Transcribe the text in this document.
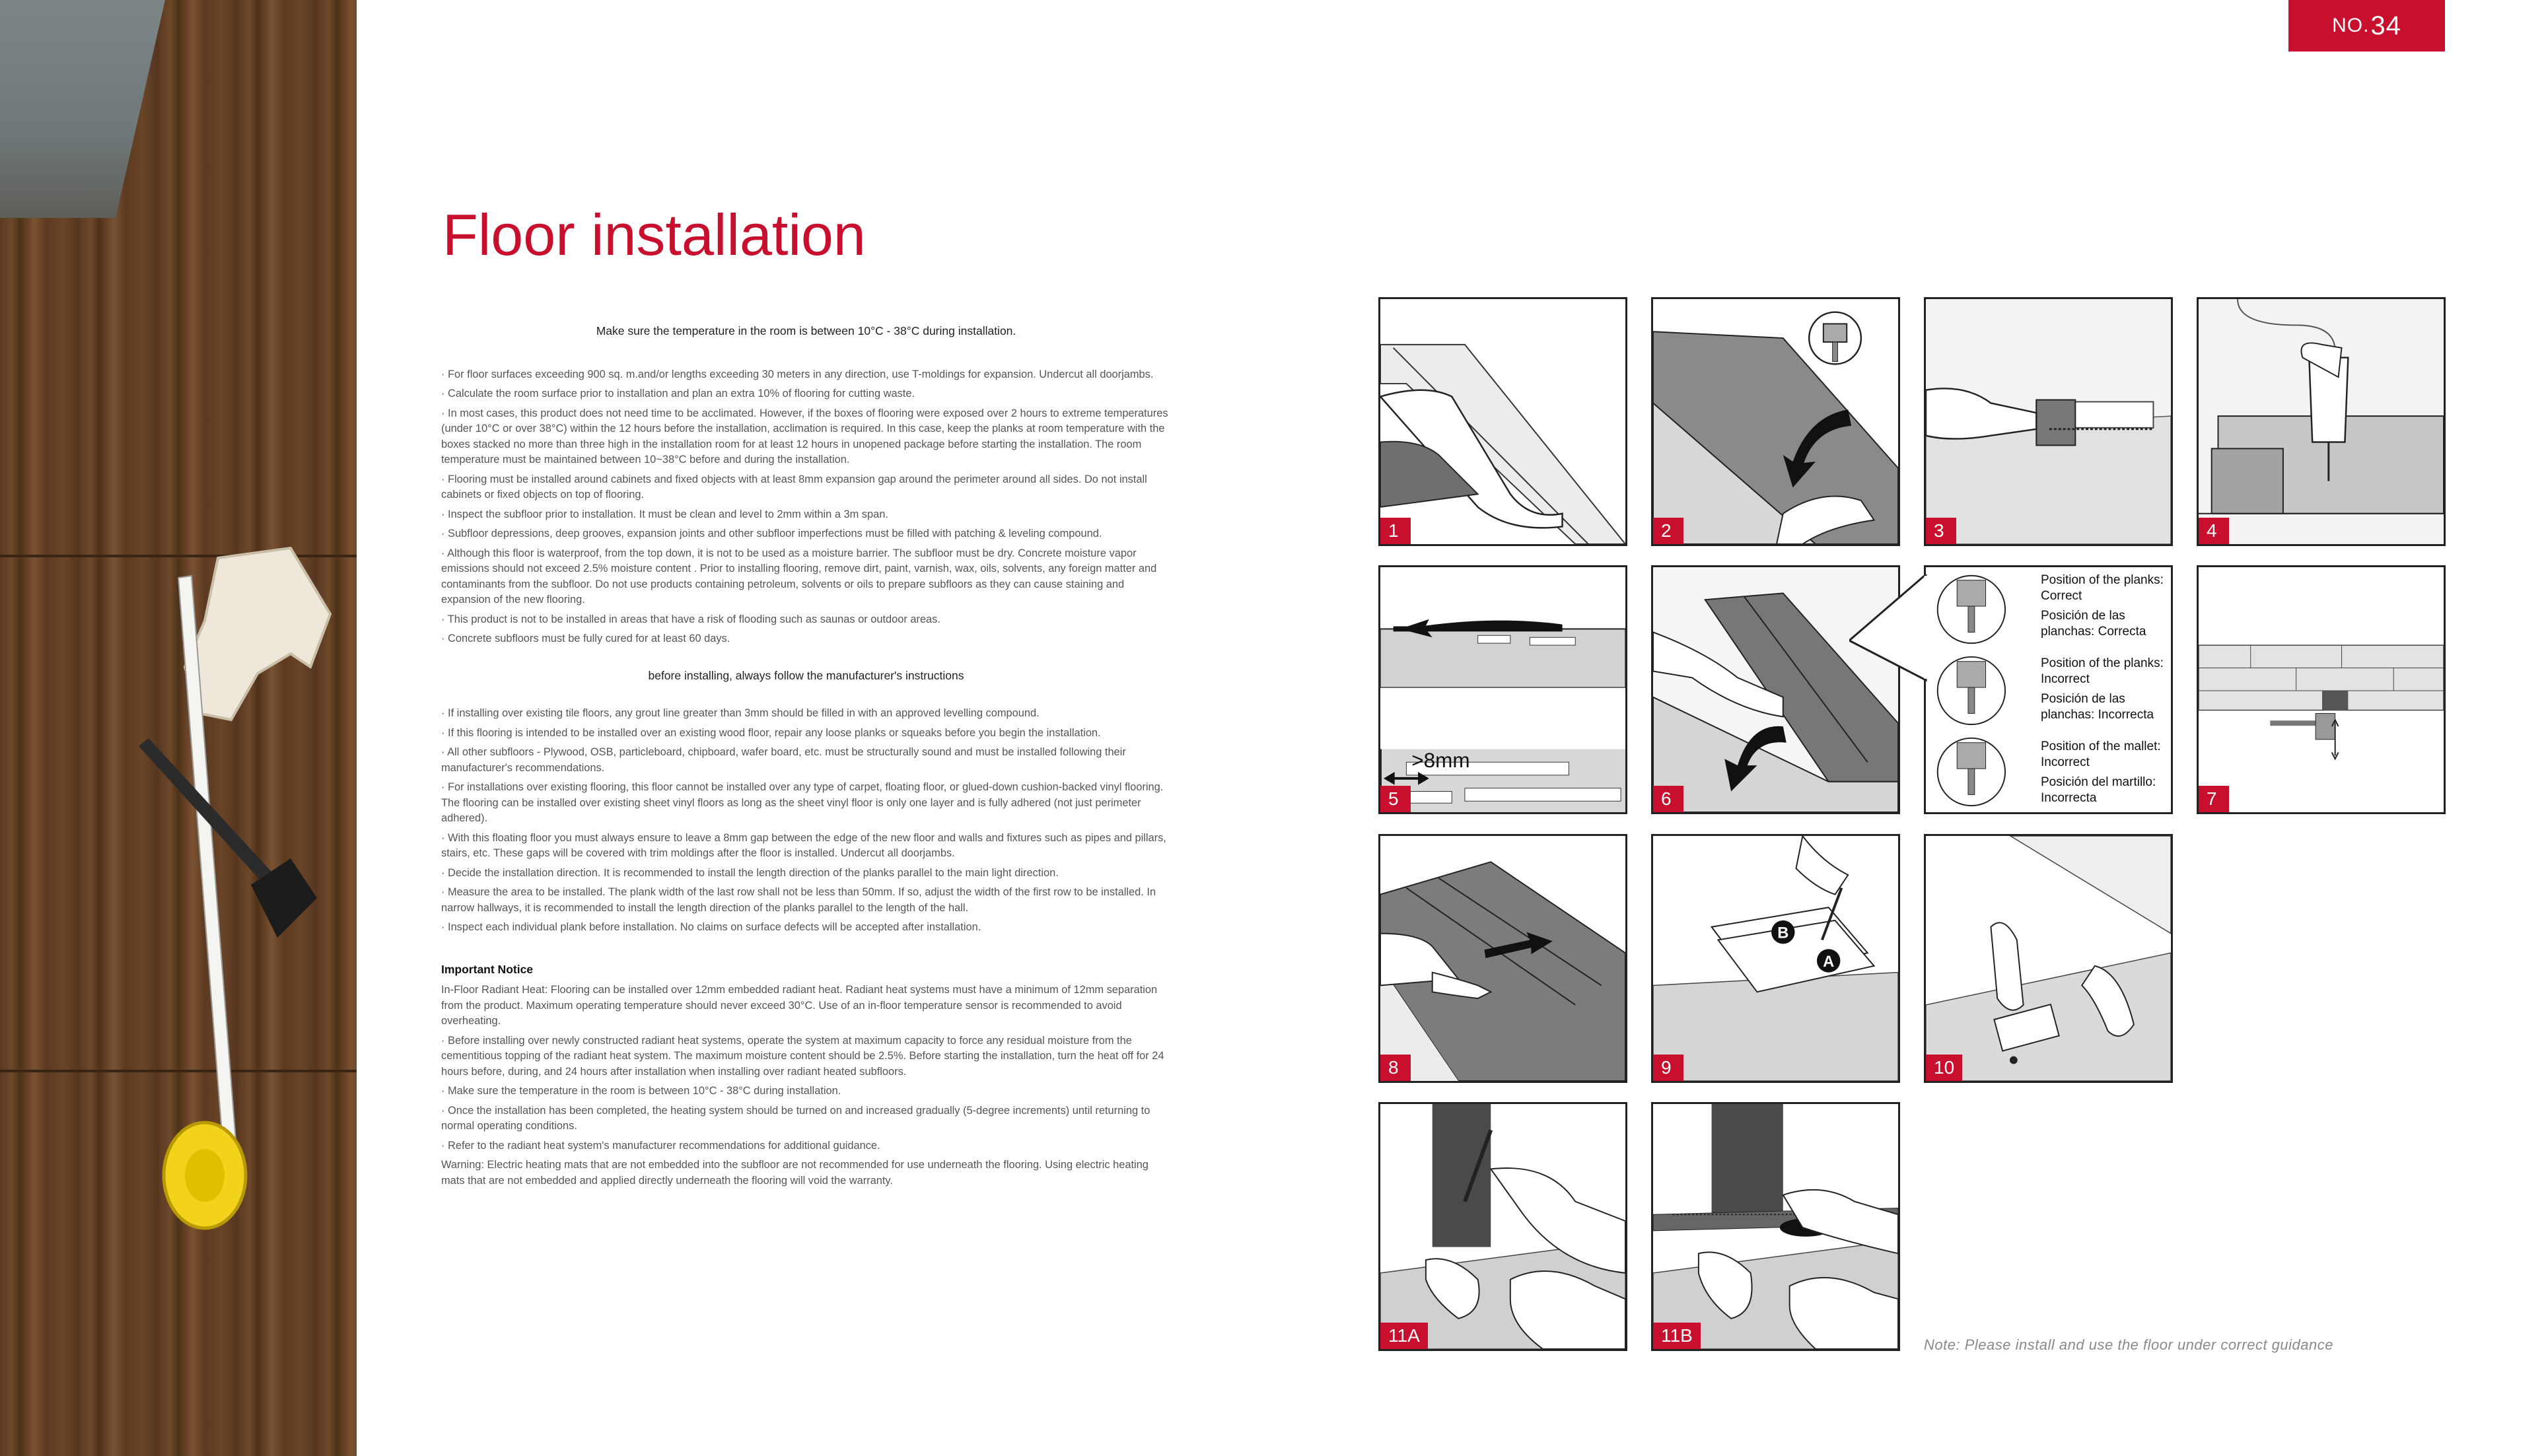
NO. 34
Floor installation

Make sure the temperature in the room is between 10°C - 38°C during installation.

· For floor surfaces exceeding 900 sq. m.and/or lengths exceeding 30 meters in any direction, use T-moldings for expansion. Undercut all doorjambs.

· Calculate the room surface prior to installation and plan an extra 10% of flooring for cutting waste.

· In most cases, this product does not need time to be acclimated. However, if the boxes of flooring were exposed over 2 hours to extreme temperatures (under 10°C or over 38°C) within the 12 hours before the installation, acclimation is required. In this case, keep the planks at room temperature with the boxes stacked no more than three high in the installation room for at least 12 hours in unopened package before starting the installation. The room temperature must be maintained between 10~38°C before and during the installation.

· Flooring must be installed around cabinets and fixed objects with at least 8mm expansion gap around the perimeter around all sides. Do not install cabinets or fixed objects on top of flooring.

· Inspect the subfloor prior to installation. It must be clean and level to 2mm within a 3m span.

· Subfloor depressions, deep grooves, expansion joints and other subfloor imperfections must be filled with patching & leveling compound.

· Although this floor is waterproof, from the top down, it is not to be used as a moisture barrier. The subfloor must be dry. Concrete moisture vapor emissions should not exceed 2.5% moisture content . Prior to installing flooring, remove dirt, paint, varnish, wax, oils, solvents, any foreign matter and contaminants from the subfloor. Do not use products containing petroleum, solvents or oils to prepare subfloors as they can cause staining and expansion of the new flooring.

· This product is not to be installed in areas that have a risk of flooding such as saunas or outdoor areas.

· Concrete subfloors must be fully cured for at least 60 days.

before installing, always follow the manufacturer's instructions

· If installing over existing tile floors, any grout line greater than 3mm should be filled in with an approved levelling compound.

· If this flooring is intended to be installed over an existing wood floor, repair any loose planks or squeaks before you begin the installation.

· All other subfloors - Plywood, OSB, particleboard, chipboard, wafer board, etc. must be structurally sound and must be installed following their manufacturer's recommendations.

· For installations over existing flooring, this floor cannot be installed over any type of carpet, floating floor, or glued-down cushion-backed vinyl flooring. The flooring can be installed over existing sheet vinyl floors as long as the sheet vinyl floor is only one layer and is fully adhered (not just perimeter adhered).

· With this floating floor you must always ensure to leave a 8mm gap between the edge of the new floor and walls and fixtures such as pipes and pillars, stairs, etc. These gaps will be covered with trim moldings after the floor is installed. Undercut all doorjambs.

· Decide the installation direction. It is recommended to install the length direction of the planks parallel to the main light direction.

· Measure the area to be installed. The plank width of the last row shall not be less than 50mm. If so, adjust the width of the first row to be installed. In narrow hallways, it is recommended to install the length direction of the planks parallel to the length of the hall.

· Inspect each individual plank before installation. No claims on surface defects will be accepted after installation.

Important Notice

In-Floor Radiant Heat: Flooring can be installed over 12mm embedded radiant heat. Radiant heat systems must have a minimum of 12mm separation from the product. Maximum operating temperature should never exceed 30°C. Use of an in-floor temperature sensor is recommended to avoid overheating.

· Before installing over newly constructed radiant heat systems, operate the system at maximum capacity to force any residual moisture from the cementitious topping of the radiant heat system. The maximum moisture content should be 2.5%. Before starting the installation, turn the heat off for 24 hours before, during, and 24 hours after installation when installing over radiant heated subfloors.

· Make sure the temperature in the room is between 10°C - 38°C during installation.

· Once the installation has been completed, the heating system should be turned on and increased gradually (5-degree increments) until returning to normal operating conditions.

· Refer to the radiant heat system's manufacturer recommendations for additional guidance.

Warning: Electric heating mats that are not embedded into the subfloor are not recommended for use underneath the flooring. Using electric heating mats that are not embedded and applied directly underneath the flooring will void the warranty.

1	2	3	4
>8mm
5	6
Position of the planks: Correct
Posición de las planchas: Correcta
Position of the planks: Incorrect
Posición de las planchas: Incorrecta
Position of the mallet: Incorrect
Posición del martillo: Incorrecta	7
8
B
A
9	10
11A	11B	Note: Please install and use the floor under correct guidance
